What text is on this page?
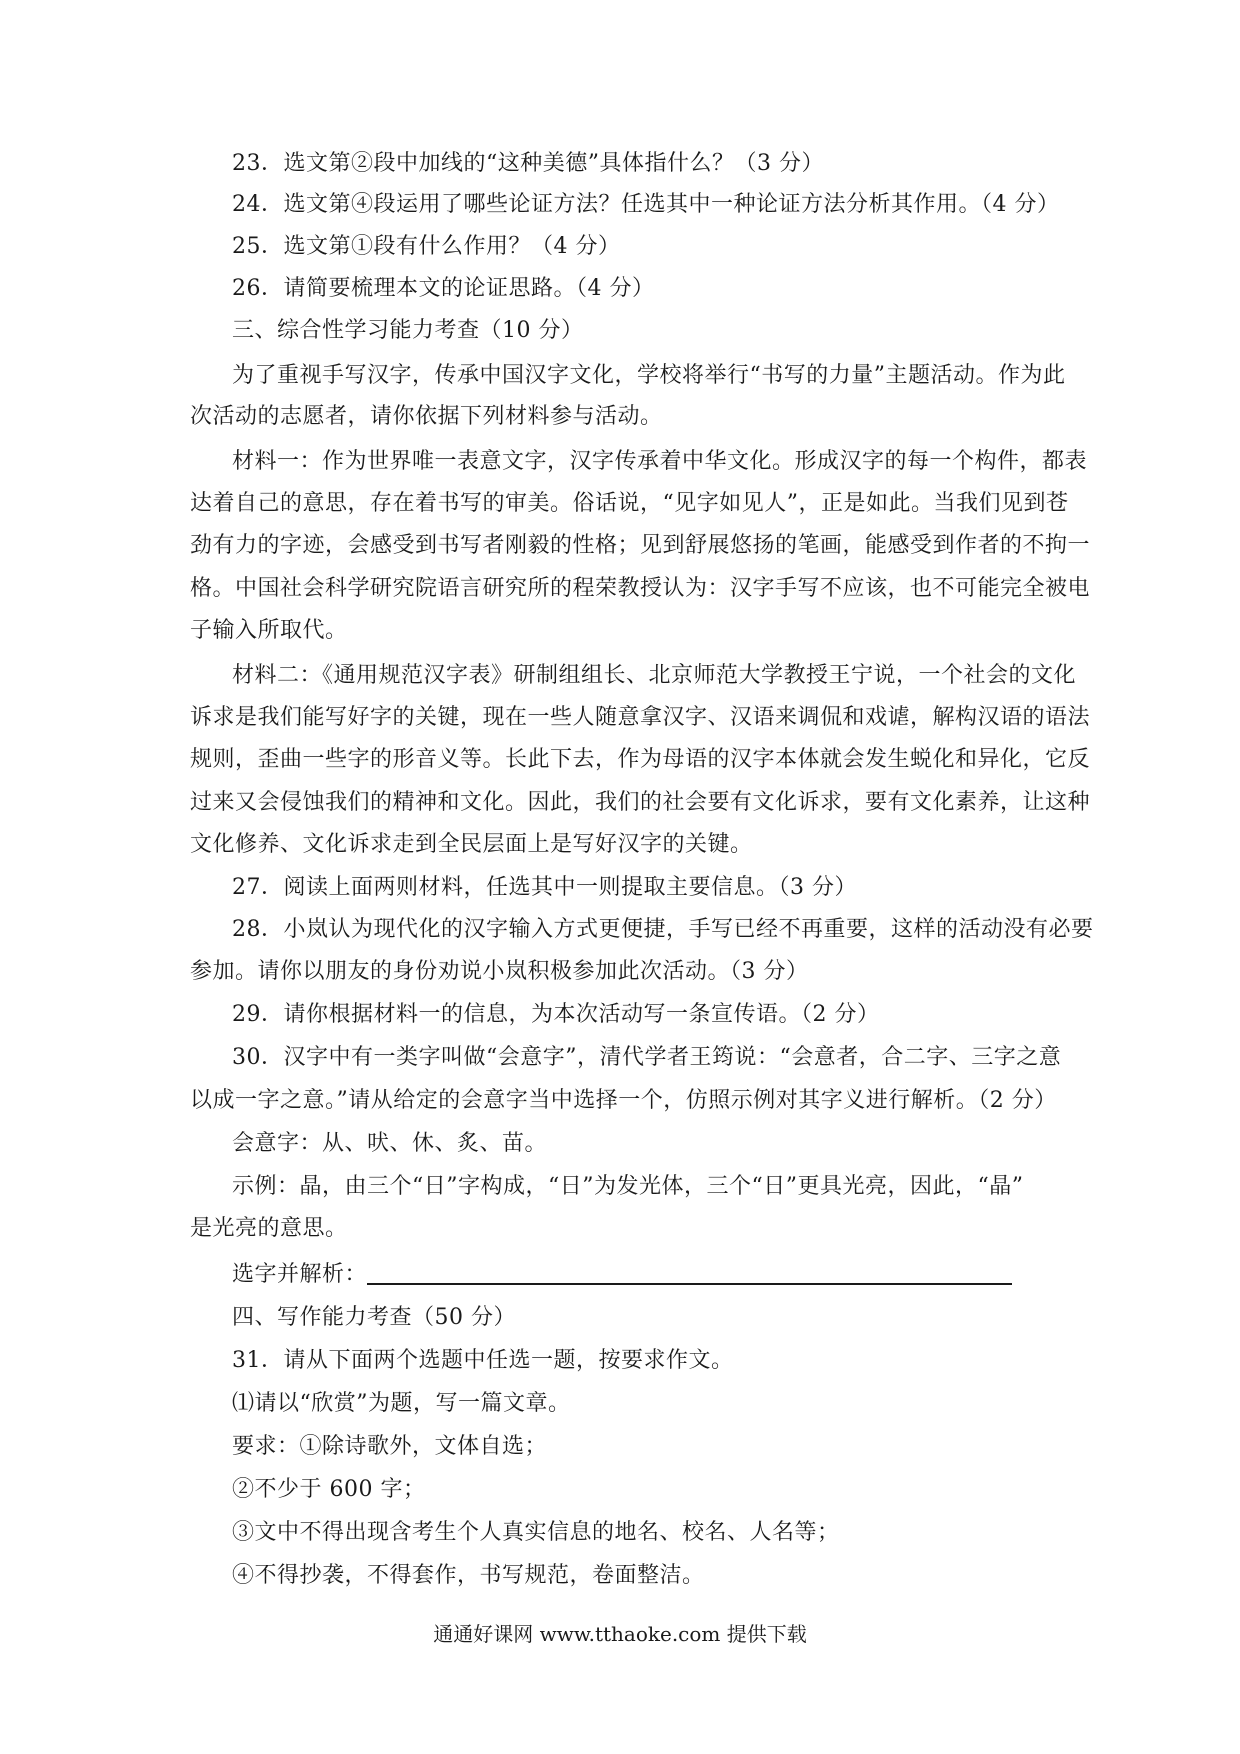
23．选文第②段中加线的“这种美德”具体指什么？（3 分）
24．选文第④段运用了哪些论证方法？任选其中一种论证方法分析其作用。（4 分）
25．选文第①段有什么作用？（4 分）
26．请简要梳理本文的论证思路。（4 分）
三、综合性学习能力考查（10 分）
为了重视手写汉字，传承中国汉字文化，学校将举行“书写的力量”主题活动。作为此
次活动的志愿者，请你依据下列材料参与活动。
材料一：作为世界唯一表意文字，汉字传承着中华文化。形成汉字的每一个构件，都表
达着自己的意思，存在着书写的审美。俗话说，“见字如见人”，正是如此。当我们见到苍
劲有力的字迹，会感受到书写者刚毅的性格；见到舒展悠扬的笔画，能感受到作者的不拘一
格。中国社会科学研究院语言研究所的程荣教授认为：汉字手写不应该，也不可能完全被电
子输入所取代。
材料二：《通用规范汉字表》研制组组长、北京师范大学教授王宁说，一个社会的文化
诉求是我们能写好字的关键，现在一些人随意拿汉字、汉语来调侃和戏谑，解构汉语的语法
规则，歪曲一些字的形音义等。长此下去，作为母语的汉字本体就会发生蜕化和异化，它反
过来又会侵蚀我们的精神和文化。因此，我们的社会要有文化诉求，要有文化素养，让这种
文化修养、文化诉求走到全民层面上是写好汉字的关键。
27．阅读上面两则材料，任选其中一则提取主要信息。（3 分）
28．小岚认为现代化的汉字输入方式更便捷，手写已经不再重要，这样的活动没有必要
参加。请你以朋友的身份劝说小岚积极参加此次活动。（3 分）
29．请你根据材料一的信息，为本次活动写一条宣传语。（2 分）
30．汉字中有一类字叫做“会意字”，清代学者王筠说：“会意者，合二字、三字之意
以成一字之意。”请从给定的会意字当中选择一个，仿照示例对其字义进行解析。（2 分）
会意字：从、吠、休、炙、苗。
示例：晶，由三个“日”字构成，“日”为发光体，三个“日”更具光亮，因此，“晶”
是光亮的意思。
选字并解析：
四、写作能力考查（50 分）
31．请从下面两个选题中任选一题，按要求作文。
⑴请以“欣赏”为题，写一篇文章。
要求：①除诗歌外，文体自选；
②不少于 600 字；
③文中不得出现含考生个人真实信息的地名、校名、人名等；
④不得抄袭，不得套作，书写规范，卷面整洁。
通通好课网 www.tthaoke.com 提供下载
